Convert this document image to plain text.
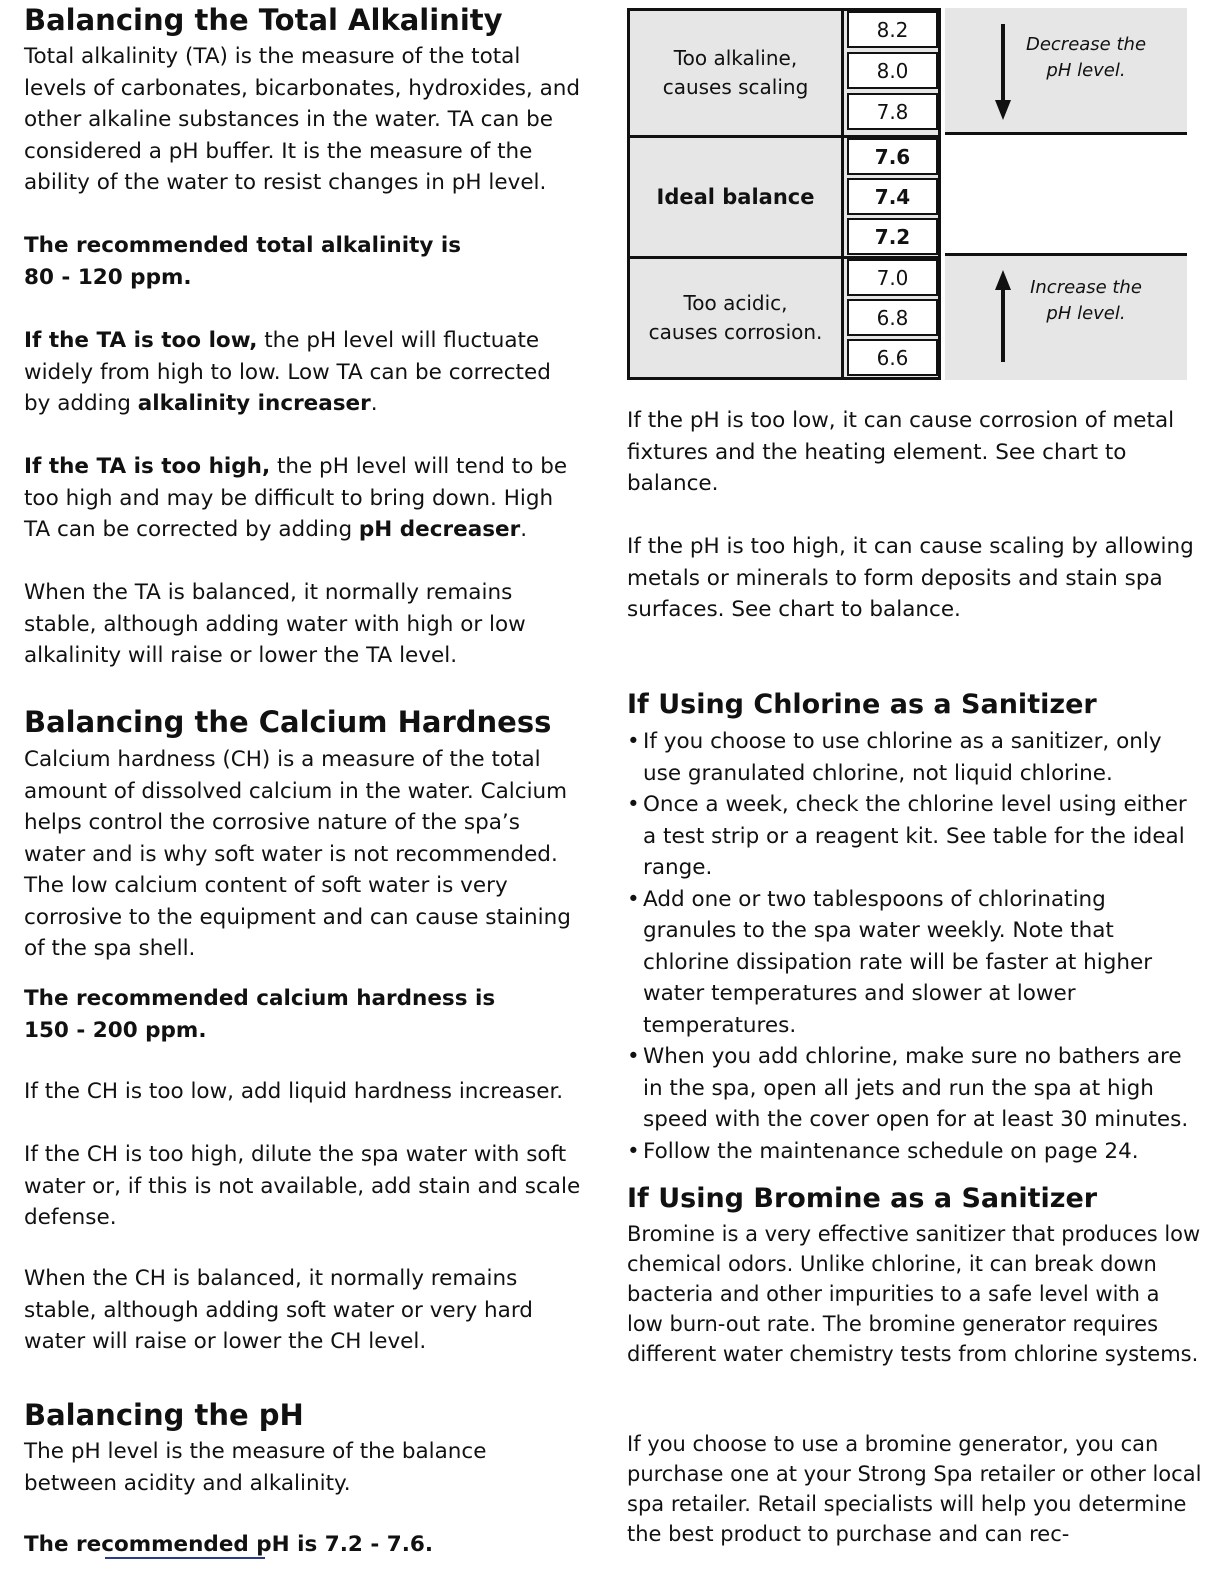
Balancing the Total Alkalinity

Total alkalinity (TA) is the measure of the total levels of carbonates, bicarbonates, hydroxides, and other alkaline substances in the water. TA can be considered a pH buffer. It is the measure of the ability of the water to resist changes in pH level.

The recommended total alkalinity is
80 - 120 ppm.

If the TA is too low, the pH level will fluctuate widely from high to low. Low TA can be corrected by adding alkalinity increaser.

If the TA is too high, the pH level will tend to be too high and may be difficult to bring down. High TA can be corrected by adding pH decreaser.

When the TA is balanced, it normally remains stable, although adding water with high or low alkalinity will raise or lower the TA level.

Balancing the Calcium Hardness

Calcium hardness (CH) is a measure of the total amount of dissolved calcium in the water. Calcium helps control the corrosive nature of the spa’s water and is why soft water is not recommended. The low calcium content of soft water is very corrosive to the equipment and can cause staining of the spa shell.

The recommended calcium hardness is
150 - 200 ppm.

If the CH is too low, add liquid hardness increaser.

If the CH is too high, dilute the spa water with soft water or, if this is not available, add stain and scale defense.

When the CH is balanced, it normally remains stable, although adding soft water or very hard water will raise or lower the CH level.

Balancing the pH

The pH level is the measure of the balance between acidity and alkalinity.

The recommended pH is 7.2 - 7.6.

Too alkaline,
causes scaling
Ideal balance
Too acidic,
causes corrosion.
8.2
8.0
7.8
7.6
7.4
7.2
7.0
6.8
6.6
Decrease the
pH level.
Increase the
pH level.

If the pH is too low, it can cause corrosion of metal fixtures and the heating element. See chart to balance.

If the pH is too high, it can cause scaling by allowing metals or minerals to form deposits and stain spa surfaces. See chart to balance.

If Using Chlorine as a Sanitizer
• If you choose to use chlorine as a sanitizer, only use granulated chlorine, not liquid chlorine.
• Once a week, check the chlorine level using either a test strip or a reagent kit. See table for the ideal range.
• Add one or two tablespoons of chlorinating granules to the spa water weekly. Note that chlorine dissipation rate will be faster at higher water temperatures and slower at lower temperatures.
• When you add chlorine, make sure no bathers are in the spa, open all jets and run the spa at high speed with the cover open for at least 30 minutes.
• Follow the maintenance schedule on page 24.
If Using Bromine as a Sanitizer

Bromine is a very effective sanitizer that produces low chemical odors. Unlike chlorine, it can break down bacteria and other impurities to a safe level with a low burn-out rate. The bromine generator requires different water chemistry tests from chlorine systems.

If you choose to use a bromine generator, you can purchase one at your Strong Spa retailer or other local spa retailer. Retail specialists will help you determine the best product to purchase and can rec-
